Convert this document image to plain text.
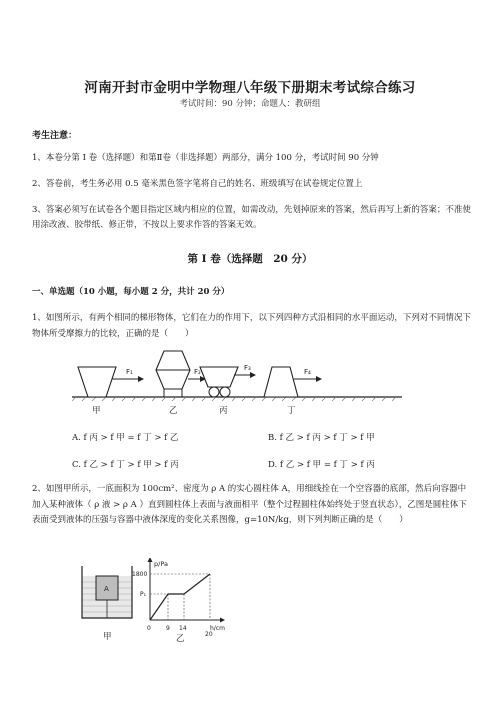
河南开封市金明中学物理八年级下册期末考试综合练习
考试时间：90 分钟；命题人：教研组
考生注意：
1、本卷分第 I 卷（选择题）和第Ⅱ卷（非选择题）两部分，满分 100 分，考试时间 90 分钟
2、答卷前，考生务必用 0.5 毫米黑色签字笔将自己的姓名、班级填写在试卷规定位置上
3、答案必须写在试卷各个题目指定区域内相应的位置，如需改动，先划掉原来的答案，然后再写上新的答案；不准使用涂改液、胶带纸、修正带，不按以上要求作答的答案无效。
第 I 卷（选择题　20 分）
一、单选题（10 小题，每小题 2 分，共计 20 分）
1、如图所示，有两个相同的梯形物体，它们在力的作用下，以下列四种方式沿相同的水平面运动，下列对不同情况下物体所受摩擦力的比较，正确的是（　　）
F₁	F₂	F₃	F₄
甲	乙	丙	丁
A. f 丙 > f 甲 = f 丁 > f 乙	B. f 乙 > f 丙 > f 丁 > f 甲
C. f 乙 > f 丁 > f 甲 > f 丙	D. f 乙 > f 甲 = f 丁 > f 丙
2、如图甲所示，一底面积为 100cm²、密度为 ρ A 的实心圆柱体 A，用细线拴在一个空容器的底部，然后向容器中加入某种液体（ ρ 液 > ρ A ）直到圆柱体上表面与液面相平（整个过程圆柱体始终处于竖直状态），乙图是圆柱体下表面受到液体的压强与容器中液体深度的变化关系图像，g=10N/kg，则下列判断正确的是（　　）
A
p/Pa
1800
P₁
h/cm
0	9 14
20
甲	乙
